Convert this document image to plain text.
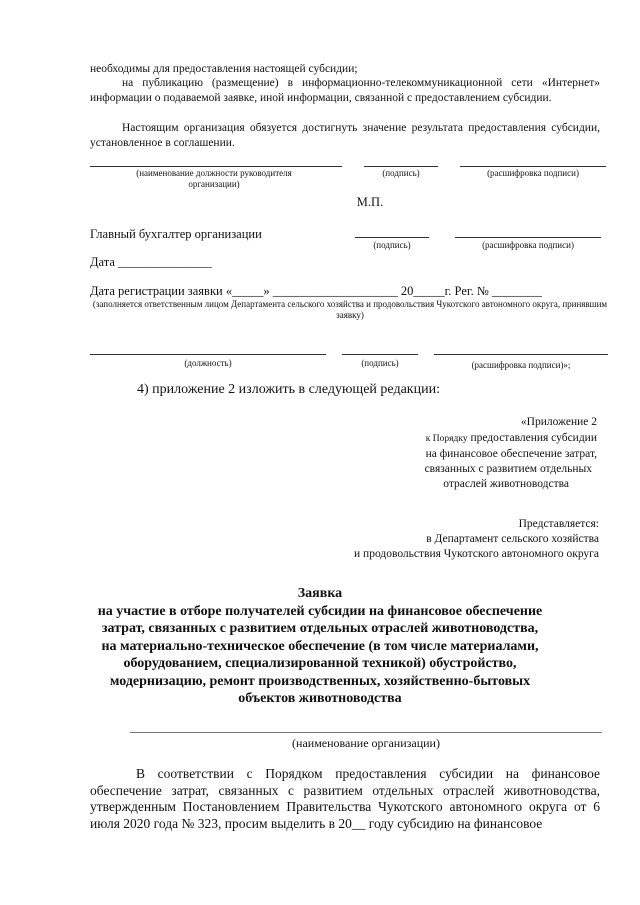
необходимы для предоставления настоящей субсидии;
на публикацию (размещение) в информационно-телекоммуникационной сети «Интернет» информации о подаваемой заявке, иной информации, связанной с предоставлением субсидии.
Настоящим организация обязуется достигнуть значение результата предоставления субсидии, установленное в соглашении.
(наименование должности руководителя организации)
(подпись)	(расшифровка подписи)
М.П.
Главный бухгалтер организации
(подпись)	(расшифровка подписи)
Дата _______________
Дата регистрации заявки «_____» ____________________ 20_____г. Рег. № ________
(заполняется ответственным лицом Департамента сельского хозяйства и продовольствия Чукотского автономного округа, принявшим заявку)
(должность)	(подпись)	(расшифровка подписи)»;
4) приложение 2 изложить в следующей редакции:
«Приложение 2
к Порядку предоставления субсидии
на финансовое обеспечение затрат,
связанных с развитием отдельных
отраслей животноводства
Представляется:
в Департамент сельского хозяйства
и продовольствия Чукотского автономного округа
Заявка
на участие в отборе получателей субсидии на финансовое обеспечение
затрат, связанных с развитием отдельных отраслей животноводства,
на материально-техническое обеспечение (в том числе материалами,
оборудованием, специализированной техникой) обустройство,
модернизацию, ремонт производственных, хозяйственно-бытовых
объектов животноводства
(наименование организации)
В соответствии с Порядком предоставления субсидии на финансовое обеспечение затрат, связанных с развитием отдельных отраслей животноводства, утвержденным Постановлением Правительства Чукотского автономного округа от 6 июля 2020 года № 323, просим выделить в 20__ году субсидию на финансовое
